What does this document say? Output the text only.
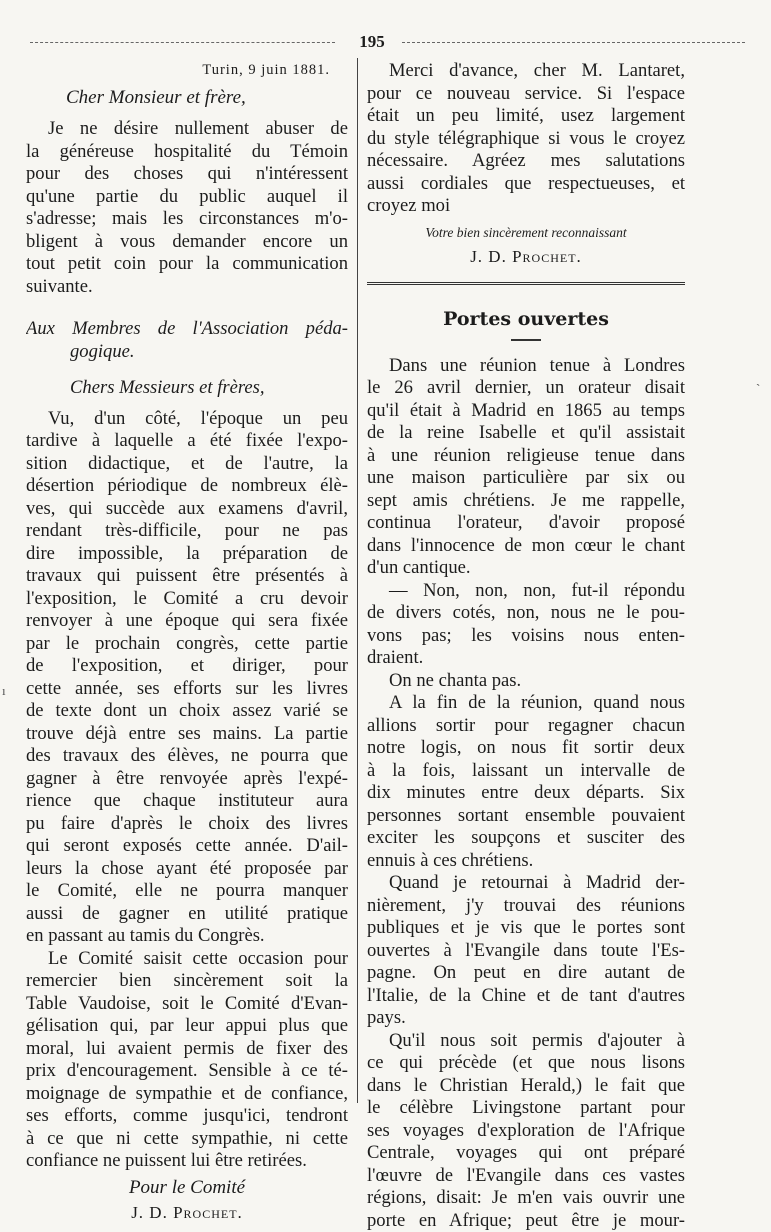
195
ı
ˋ
Turin, 9 juin 1881.
Cher Monsieur et frère,
Je ne désire nullement abuser de
la généreuse hospitalité du Témoin
pour des choses qui n'intéressent
qu'une partie du public auquel il
s'adresse; mais les circonstances m'o-
bligent à vous demander encore un
tout petit coin pour la communication
suivante.
Aux Membres de l'Association péda-
gogique.
Chers Messieurs et frères,
Vu, d'un côté, l'époque un peu
tardive à laquelle a été fixée l'expo-
sition didactique, et de l'autre, la
désertion périodique de nombreux élè-
ves, qui succède aux examens d'avril,
rendant très-difficile, pour ne pas
dire impossible, la préparation de
travaux qui puissent être présentés à
l'exposition, le Comité a cru devoir
renvoyer à une époque qui sera fixée
par le prochain congrès, cette partie
de l'exposition, et diriger, pour
cette année, ses efforts sur les livres
de texte dont un choix assez varié se
trouve déjà entre ses mains. La partie
des travaux des élèves, ne pourra que
gagner à être renvoyée après l'expé-
rience que chaque instituteur aura
pu faire d'après le choix des livres
qui seront exposés cette année. D'ail-
leurs la chose ayant été proposée par
le Comité, elle ne pourra manquer
aussi de gagner en utilité pratique
en passant au tamis du Congrès.
Le Comité saisit cette occasion pour
remercier bien sincèrement soit la
Table Vaudoise, soit le Comité d'Evan-
gélisation qui, par leur appui plus que
moral, lui avaient permis de fixer des
prix d'encouragement. Sensible à ce té-
moignage de sympathie et de confiance,
ses efforts, comme jusqu'ici, tendront
à ce que ni cette sympathie, ni cette
confiance ne puissent lui être retirées.
Pour le Comité
J. D. Prochet.
Merci d'avance, cher M. Lantaret,
pour ce nouveau service. Si l'espace
était un peu limité, usez largement
du style télégraphique si vous le croyez
nécessaire. Agréez mes salutations
aussi cordiales que respectueuses, et
croyez moi
Votre bien sincèrement reconnaissant
J. D. Prochet.
Portes ouvertes
Dans une réunion tenue à Londres
le 26 avril dernier, un orateur disait
qu'il était à Madrid en 1865 au temps
de la reine Isabelle et qu'il assistait
à une réunion religieuse tenue dans
une maison particulière par six ou
sept amis chrétiens. Je me rappelle,
continua l'orateur, d'avoir proposé
dans l'innocence de mon cœur le chant
d'un cantique.
— Non, non, non, fut-il répondu
de divers cotés, non, nous ne le pou-
vons pas; les voisins nous enten-
draient.
On ne chanta pas.
A la fin de la réunion, quand nous
allions sortir pour regagner chacun
notre logis, on nous fit sortir deux
à la fois, laissant un intervalle de
dix minutes entre deux départs. Six
personnes sortant ensemble pouvaient
exciter les soupçons et susciter des
ennuis à ces chrétiens.
Quand je retournai à Madrid der-
nièrement, j'y trouvai des réunions
publiques et je vis que le portes sont
ouvertes à l'Evangile dans toute l'Es-
pagne. On peut en dire autant de
l'Italie, de la Chine et de tant d'autres
pays.
Qu'il nous soit permis d'ajouter à
ce qui précède (et que nous lisons
dans le Christian Herald,) le fait que
le célèbre Livingstone partant pour
ses voyages d'exploration de l'Afrique
Centrale, voyages qui ont préparé
l'œuvre de l'Evangile dans ces vastes
régions, disait: Je m'en vais ouvrir une
porte en Afrique; peut être je mour-
